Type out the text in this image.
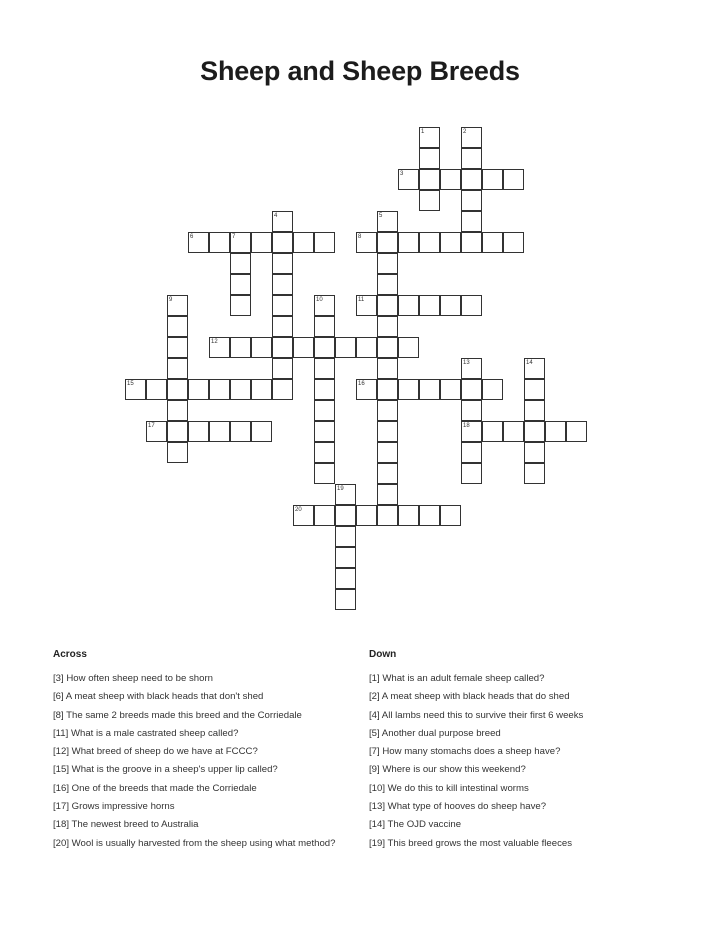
Sheep and Sheep Breeds
1	2
3
4	5
6	7	8
9	10	11
12
13	14
15	16
17	18
19
20
Across
[3] How often sheep need to be shorn
[6] A meat sheep with black heads that don't shed
[8] The same 2 breeds made this breed and the Corriedale
[11] What is a male castrated sheep called?
[12] What breed of sheep do we have at FCCC?
[15] What is the groove in a sheep's upper lip called?
[16] One of the breeds that made the Corriedale
[17] Grows impressive horns
[18] The newest breed to Australia
[20] Wool is usually harvested from the sheep using what method?
Down
[1] What is an adult female sheep called?
[2] A meat sheep with black heads that do shed
[4] All lambs need this to survive their first 6 weeks
[5] Another dual purpose breed
[7] How many stomachs does a sheep have?
[9] Where is our show this weekend?
[10] We do this to kill intestinal worms
[13] What type of hooves do sheep have?
[14] The OJD vaccine
[19] This breed grows the most valuable fleeces
